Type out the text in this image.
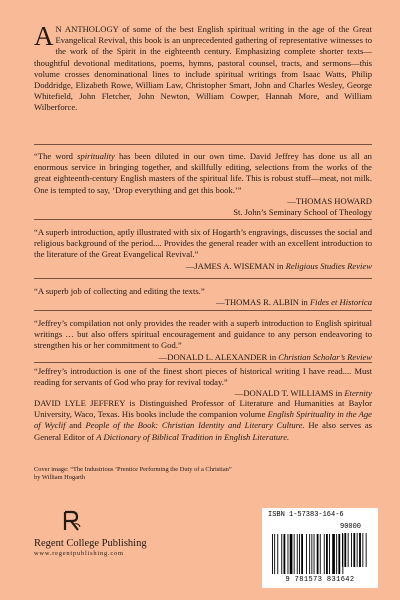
A N ANTHOLOGY of some of the best English spiritual writing in the age of the Great Evangelical Revival, this book is an unprecedented gathering of representative witnesses to the work of the Spirit in the eighteenth century. Emphasizing complete shorter texts—thoughtful devotional meditations, poems, hymns, pastoral counsel, tracts, and sermons—this volume crosses denominational lines to include spiritual writings from Isaac Watts, Philip Doddridge, Elizabeth Rowe, William Law, Christopher Smart, John and Charles Wesley, George Whitefield, John Fletcher, John Newton, William Cowper, Hannah More, and William Wilberforce.

“The word spirituality has been diluted in our own time. David Jeffrey has done us all an enormous service in bringing together, and skillfully editing, selections from the works of the great eighteenth-century English masters of the spiritual life. This is robust stuff—meat, not milk. One is tempted to say, ‘Drop everything and get this book.’”

—THOMAS HOWARD

St. John’s Seminary School of Theology

“A superb introduction, aptly illustrated with six of Hogarth’s engravings, discusses the social and religious background of the period.... Provides the general reader with an excellent introduction to the literature of the Great Evangelical Revival.”

—JAMES A. WISEMAN in Religious Studies Review

“A superb job of collecting and editing the texts.”

—THOMAS R. ALBIN in Fides et Historica

“Jeffrey’s compilation not only provides the reader with a superb introduction to English spiritual writings … but also offers spiritual encouragement and guidance to any person endeavoring to strengthen his or her commitment to God.”

—DONALD L. ALEXANDER in Christian Scholar’s Review

“Jeffrey’s introduction is one of the finest short pieces of historical writing I have read.... Must reading for servants of God who pray for revival today.”

—DONALD T. WILLIAMS in Eternity

DAVID LYLE JEFFREY is Distinguished Professor of Literature and Humanities at Baylor University, Waco, Texas. His books include the companion volume English Spirituality in the Age of Wyclif and People of the Book: Christian Identity and Literary Culture. He also serves as General Editor of A Dictionary of Biblical Tradition in English Literature.

Cover image: “The Industrious ’Prentice Performing the Duty of a Christian”

by William Hogarth

Regent College Publishing
www.regentpublishing.com
ISBN 1-57383-164-6
90000
9 781573 831642
